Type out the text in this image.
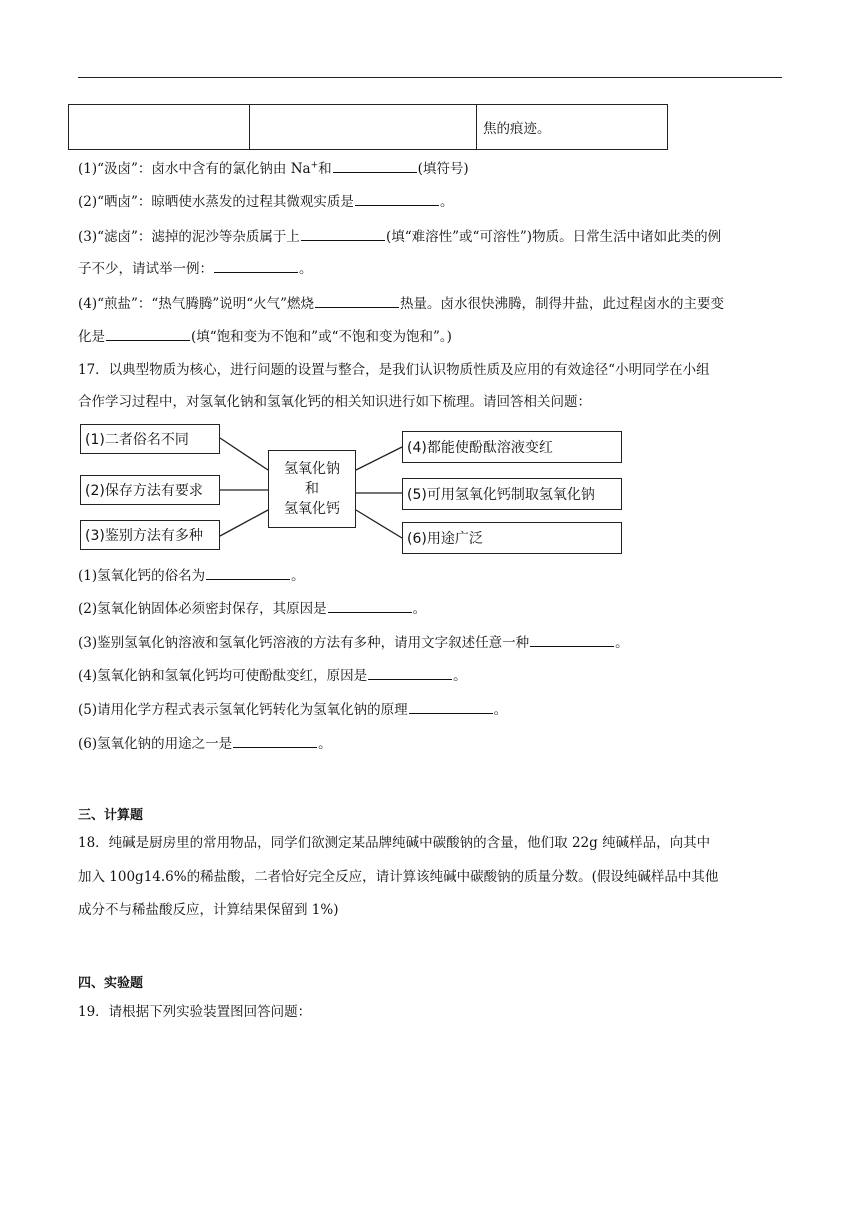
		焦的痕迹。
(1)“汲卤”：卤水中含有的氯化钠由 Na+和	(填符号)
(2)“晒卤”：晾晒使水蒸发的过程其微观实质是	。
(3)“滤卤”：滤掉的泥沙等杂质属于上	(填“难溶性”或“可溶性”)物质。日常生活中诸如此类的例
子不少，请试举一例：	。
(4)“煎盐”：“热气腾腾”说明“火气”燃烧	热量。卤水很快沸腾，制得井盐，此过程卤水的主要变
化是	(填“饱和变为不饱和”或“不饱和变为饱和”。)
17．以典型物质为核心，进行问题的设置与整合，是我们认识物质性质及应用的有效途径“小明同学在小组
合作学习过程中，对氢氧化钠和氢氧化钙的相关知识进行如下梳理。请回答相关问题：
(1)二者俗名不同
(2)保存方法有要求
(3)鉴别方法有多种
氢氧化钠
和
氢氧化钙
(4)都能使酚酞溶液变红
(5)可用氢氧化钙制取氢氧化钠
(6)用途广泛
(1)氢氧化钙的俗名为	。
(2)氢氧化钠固体必须密封保存，其原因是	。
(3)鉴别氢氧化钠溶液和氢氧化钙溶液的方法有多种，请用文字叙述任意一种	。
(4)氢氧化钠和氢氧化钙均可使酚酞变红，原因是	。
(5)请用化学方程式表示氢氧化钙转化为氢氧化钠的原理	。
(6)氢氧化钠的用途之一是	。
三、计算题
18．纯碱是厨房里的常用物品，同学们欲测定某品牌纯碱中碳酸钠的含量，他们取 22g 纯碱样品，向其中
加入 100g14.6%的稀盐酸，二者恰好完全反应，请计算该纯碱中碳酸钠的质量分数。(假设纯碱样品中其他
成分不与稀盐酸反应，计算结果保留到 1%)
四、实验题
19．请根据下列实验装置图回答问题：
